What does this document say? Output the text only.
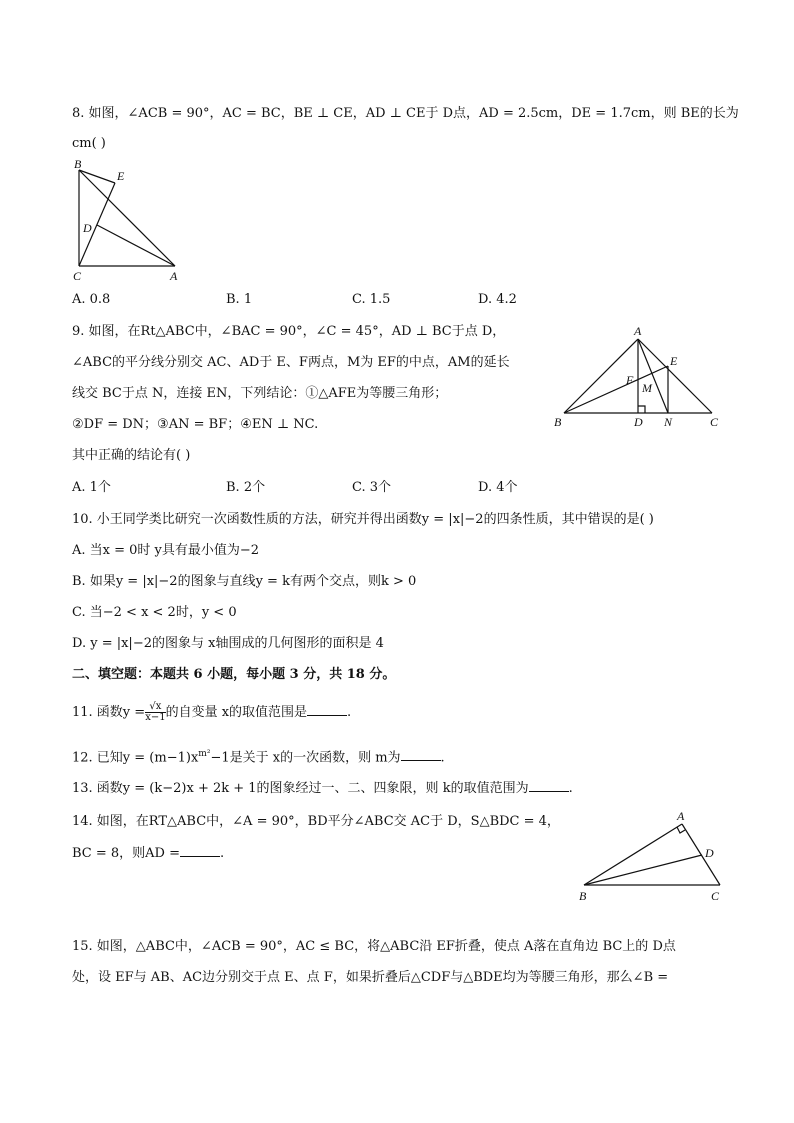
8. 如图，∠ACB = 90°，AC = BC，BE ⊥ CE，AD ⊥ CE于 D点，AD = 2.5cm，DE = 1.7cm，则 BE的长为
cm( )
B
E
D
C	A
A. 0.8	B. 1	C. 1.5	D. 4.2
9. 如图，在Rt△ABC中，∠BAC = 90°，∠C = 45°，AD ⊥ BC于点 D，
∠ABC的平分线分别交 AC、AD于 E、F两点，M为 EF的中点，AM的延长
线交 BC于点 N，连接 EN，下列结论：①△AFE为等腰三角形；
②DF = DN；③AN = BF；④EN ⊥ NC.
其中正确的结论有( )
A
E
F
M
B	D N	C
A. 1个	B. 2个	C. 3个	D. 4个
10. 小王同学类比研究一次函数性质的方法，研究并得出函数y = |x|−2的四条性质，其中错误的是( )
A. 当x = 0时 y具有最小值为−2
B. 如果y = |x|−2的图象与直线y = k有两个交点，则k > 0
C. 当−2 < x < 2时，y < 0
D. y = |x|−2的图象与 x轴围成的几何图形的面积是 4
二、填空题：本题共 6 小题，每小题 3 分，共 18 分。
11. 函数$y = \frac{√x}{x-1}$ 的自变量 x的取值范围是	.
12. 已知$y = (m-1)x^{m^2}-1$是关于 x的一次函数，则 m为	.
13. 函数y = (k−2)x + 2k + 1的图象经过一、二、四象限，则 k的取值范围为	.
14. 如图，在RT△ABC中，∠A = 90°，BD平分∠ABC交 AC于 D，S△BDC = 4，
BC = 8，则AD =	.
A
D
B	C
15. 如图，△ABC中，∠ACB = 90°，AC ≤ BC，将△ABC沿 EF折叠，使点 A落在直角边 BC上的 D点
处，设 EF与 AB、AC边分别交于点 E、点 F，如果折叠后△CDF与△BDE均为等腰三角形，那么∠B =
